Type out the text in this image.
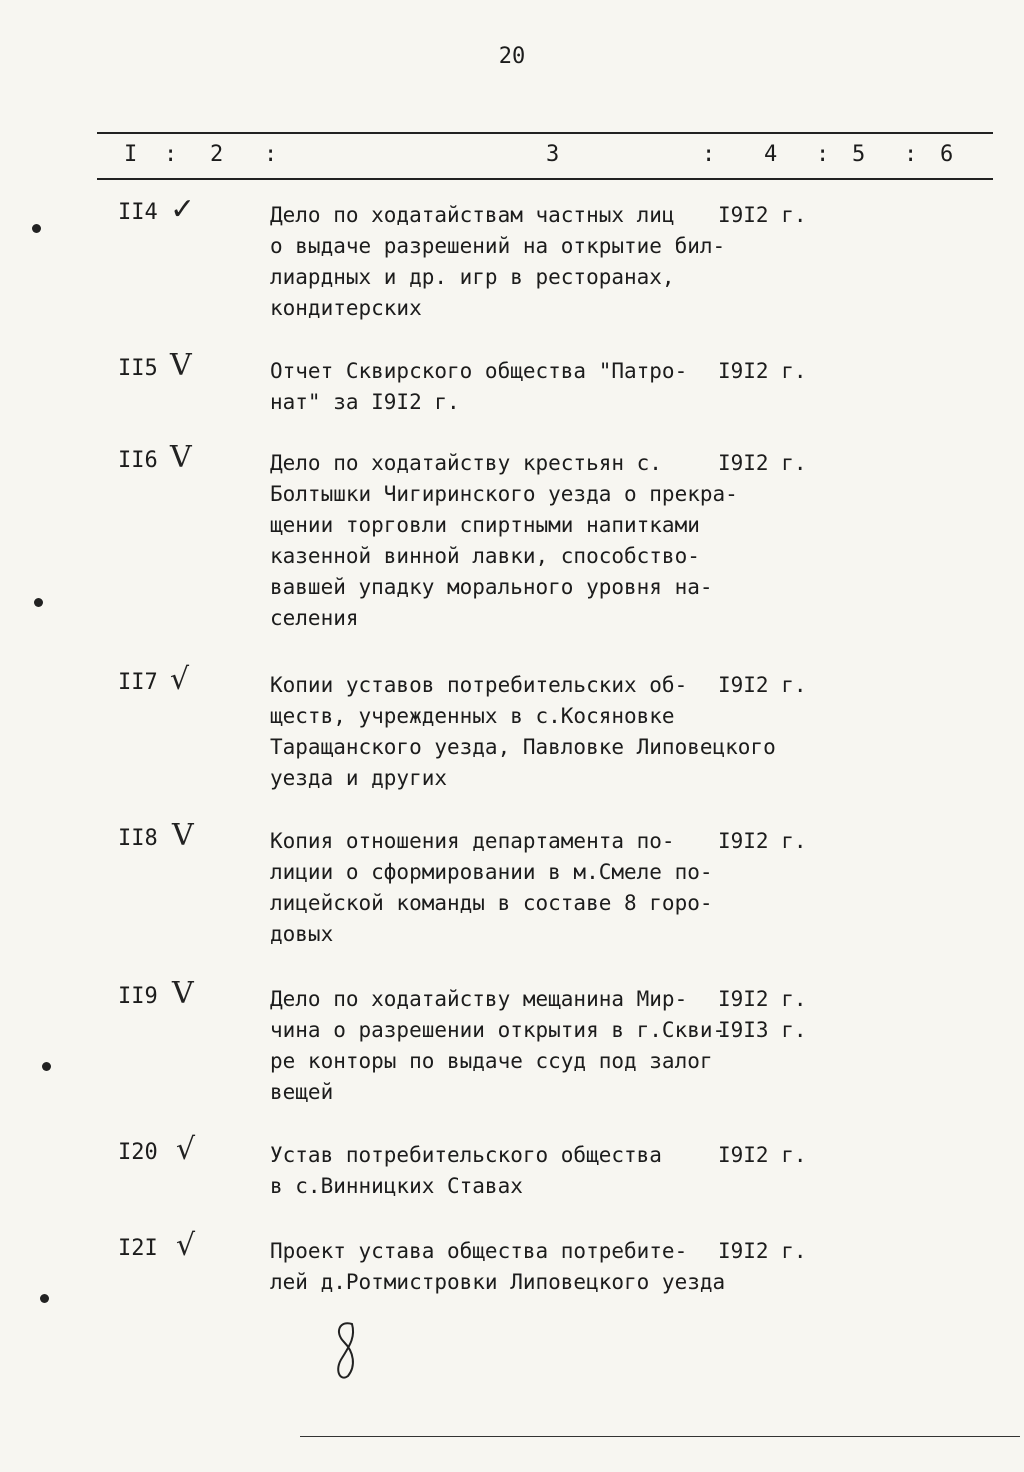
20
I : 2 :	3	: 4 : 5 : 6
II4 ✓	Дело по ходатайствам частных лиц
о выдаче разрешений на открытие бил-
лиардных и др. игр в ресторанах,
кондитерских
I9I2 г.
II5 V	Отчет Сквирского общества "Патро-
нат" за I9I2 г.
I9I2 г.
II6 V	Дело по ходатайству крестьян с.
Болтышки Чигиринского уезда о прекра-
щении торговли спиртными напитками
казенной винной лавки, способство-
вавшей упадку морального уровня на-
селения
I9I2 г.
II7 √	Копии уставов потребительских об-
ществ, учрежденных в с.Косяновке
Таращанского уезда, Павловке Липовецкого
уезда и других
I9I2 г.
II8 V	Копия отношения департамента по-
лиции о сформировании в м.Смеле по-
лицейской команды в составе 8 горо-
довых
I9I2 г.
II9 V	Дело по ходатайству мещанина Мир-
чина о разрешении открытия в г.Скви-
ре конторы по выдаче ссуд под залог
вещей
I9I2 г.
I9I3 г.
I20 √	Устав потребительского общества
в с.Винницких Ставах
I9I2 г.
I2I √	Проект устава общества потребите-
лей д.Ротмистровки Липовецкого уезда
I9I2 г.
